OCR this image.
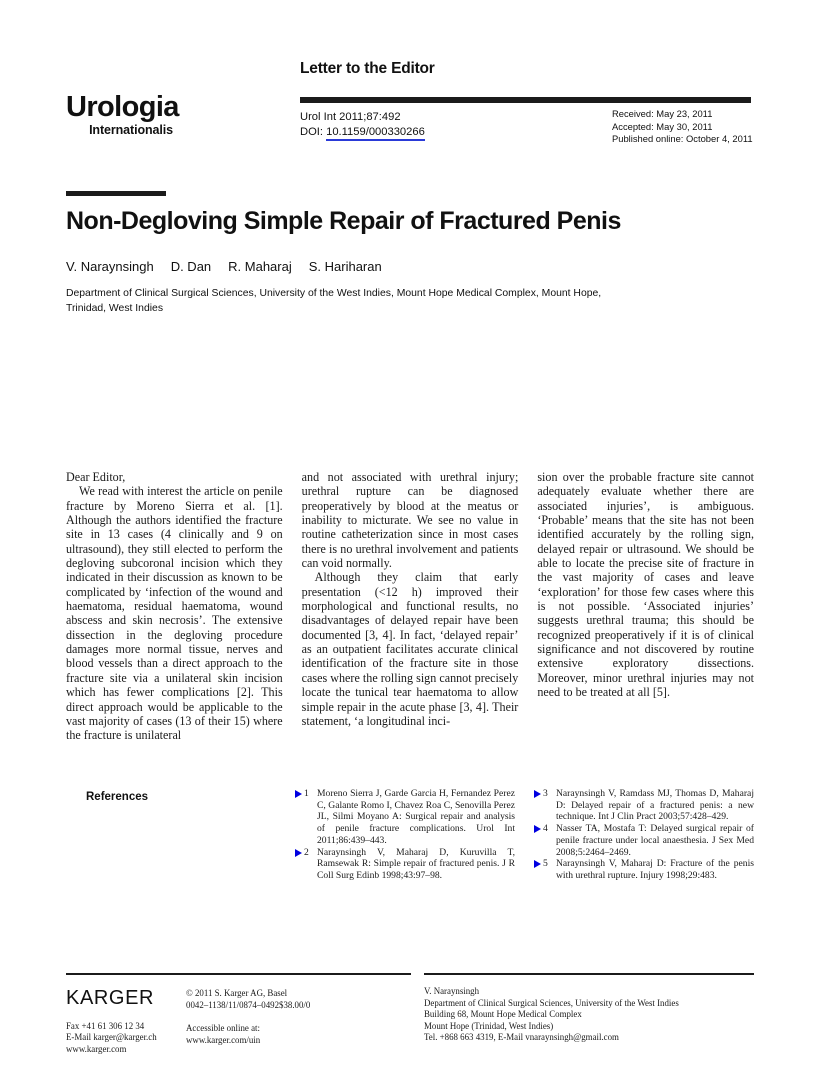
Letter to the Editor
Urologia
Internationalis
Urol Int 2011;87:492
DOI: 10.1159/000330266
Received: May 23, 2011
Accepted: May 30, 2011
Published online: October 4, 2011
Non-Degloving Simple Repair of Fractured Penis
V. Naraynsingh D. Dan R. Maharaj S. Hariharan
Department of Clinical Surgical Sciences, University of the West Indies, Mount Hope Medical Complex, Mount Hope, Trinidad, West Indies

Dear Editor,

We read with interest the article on penile fracture by Moreno Sierra et al. [1]. Although the authors identified the fracture site in 13 cases (4 clinically and 9 on ultrasound), they still elected to perform the degloving subcoronal incision which they indicated in their discussion as known to be complicated by ‘infection of the wound and haematoma, residual haematoma, wound abscess and skin necrosis’. The extensive dissection in the degloving procedure damages more normal tissue, nerves and blood vessels than a direct approach to the fracture site via a unilateral skin incision which has fewer complications [2]. This direct approach would be applicable to the vast majority of cases (13 of their 15) where the fracture is unilateral

and not associated with urethral injury; urethral rupture can be diagnosed preoperatively by blood at the meatus or inability to micturate. We see no value in routine catheterization since in most cases there is no urethral involvement and patients can void normally.

Although they claim that early presentation (<12 h) improved their morphological and functional results, no disadvantages of delayed repair have been documented [3, 4]. In fact, ‘delayed repair’ as an outpatient facilitates accurate clinical identification of the fracture site in those cases where the rolling sign cannot precisely locate the tunical tear haematoma to allow simple repair in the acute phase [3, 4]. Their statement, ‘a longitudinal inci-

sion over the probable fracture site cannot adequately evaluate whether there are associated injuries’, is ambiguous. ‘Probable’ means that the site has not been identified accurately by the rolling sign, delayed repair or ultrasound. We should be able to locate the precise site of fracture in the vast majority of cases and leave ‘exploration’ for those few cases where this is not possible. ‘Associated injuries’ suggests urethral trauma; this should be recognized preoperatively if it is of clinical significance and not discovered by routine extensive exploratory dissections. Moreover, minor urethral injuries may not need to be treated at all [5].

References	1 Moreno Sierra J, Garde Garcia H, Fernandez Perez C, Galante Romo I, Chavez Roa C, Senovilla Perez JL, Silmi Moyano A: Surgical repair and analysis of penile fracture complications. Urol Int 2011;86:439–443.
2 Naraynsingh V, Maharaj D, Kuruvilla T, Ramsewak R: Simple repair of fractured penis. J R Coll Surg Edinb 1998;43:97–98.
3 Naraynsingh V, Ramdass MJ, Thomas D, Maharaj D: Delayed repair of a fractured penis: a new technique. Int J Clin Pract 2003;57:428–429.
4 Nasser TA, Mostafa T: Delayed surgical repair of penile fracture under local anaesthesia. J Sex Med 2008;5:2464–2469.
5 Naraynsingh V, Maharaj D: Fracture of the penis with urethral rupture. Injury 1998;29:483.
KARGER
Fax +41 61 306 12 34
E-Mail karger@karger.ch
www.karger.com
© 2011 S. Karger AG, Basel
0042–1138/11/0874–0492$38.00/0
Accessible online at:
www.karger.com/uin
V. Naraynsingh
Department of Clinical Surgical Sciences, University of the West Indies
Building 68, Mount Hope Medical Complex
Mount Hope (Trinidad, West Indies)
Tel. +868 663 4319, E-Mail vnaraynsingh@gmail.com
